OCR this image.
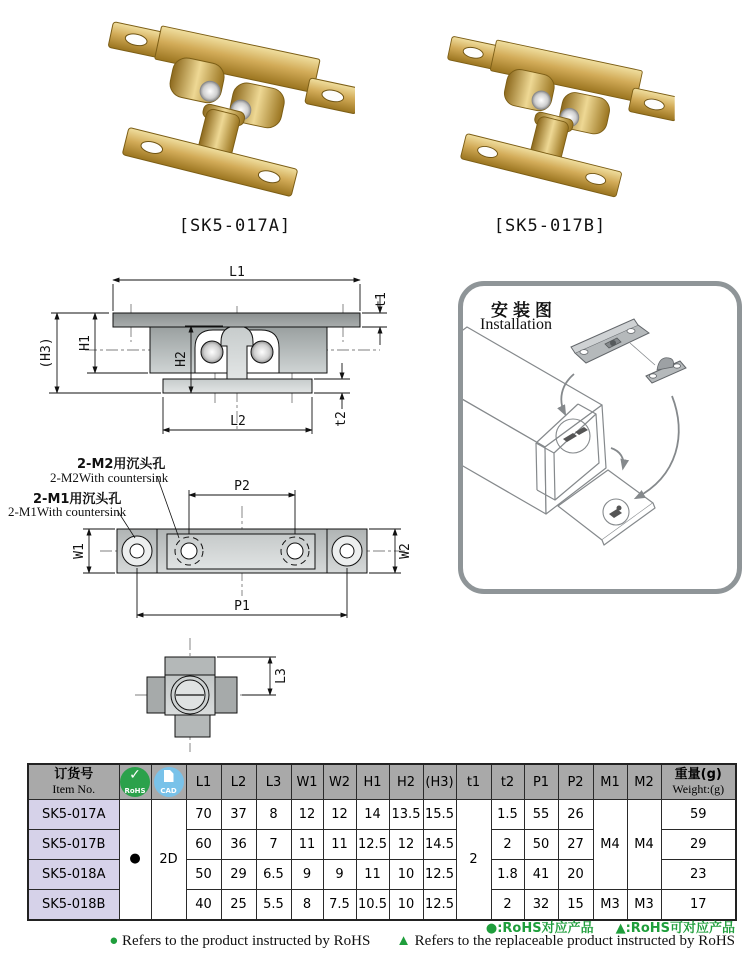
[SK5-017A]	[SK5-017B]
L1
t1
H1
(H3)	H2
L2	t2
2-M2用沉头孔
2-M2With countersink
2-M1用沉头孔
2-M1With countersink
P2
P1
W1	W2
L3
安装图
Installation
订货号
Item No.

✓
RoHS	CAD
	L1	L2	L3	W1	W2	H1	H2	(H3)	t1	t2	P1	P2	M1	M2	
重量(g)
Weight:(g)

SK5-017A	●	2D	70	37	8	12	12	14	13.5	15.5	2	1.5	55	26	M4	M4	59
SK5-017B			60	36	7	11	11	12.5	12	14.5		2	50	27			29
SK5-018A			50	29	6.5	9	9	11	10	12.5		1.8	41	20			23
SK5-018B			40	25	5.5	8	7.5	10.5	10	12.5		2	32	15	M3	M3	17
●:RoHS对应产品 ▲:RoHS可对应产品
● Refers to the product instructed by RoHS ▲ Refers to the replaceable product instructed by RoHS
